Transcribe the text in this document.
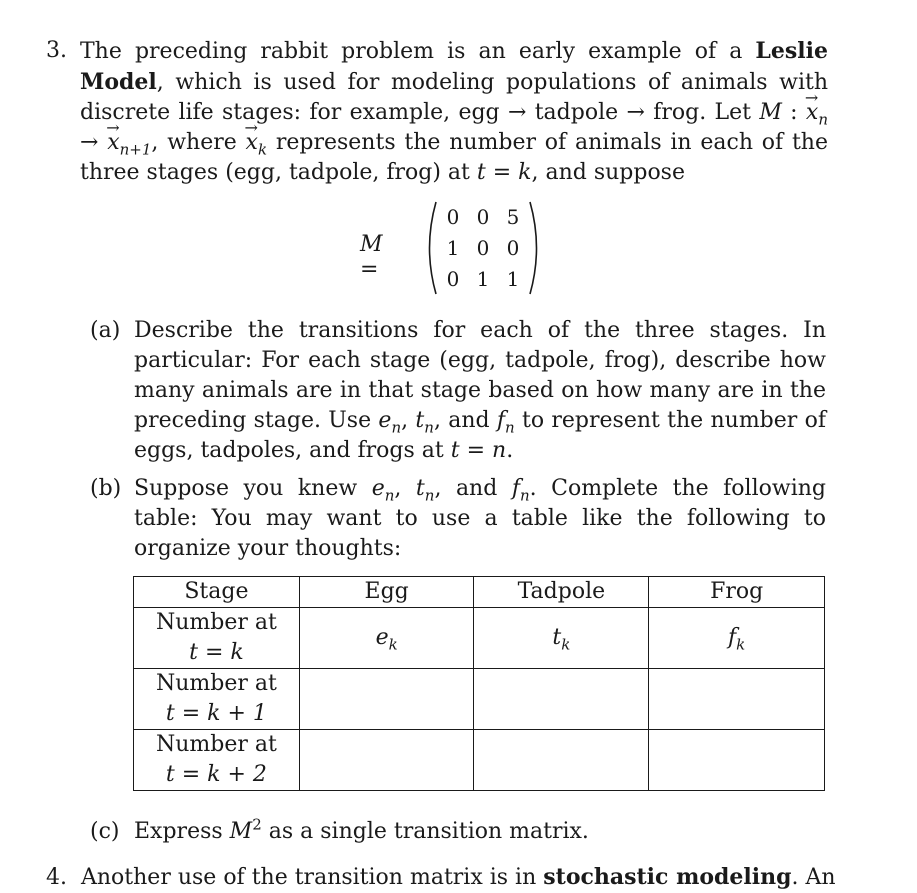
3. The preceding rabbit problem is an early example of a Leslie Model, which is used for modeling populations of animals with discrete life stages: for example, egg → tadpole → frog. Let M : → $x_n$ → → $x_{n+1}$, where → $x_k$ represents the number of animals in each of the three stages (egg, tadpole, frog) at t = k, and suppose
M =
0 0 5
1 0 0
0 1 1
(a) Describe the transitions for each of the three stages. In particular: For each stage (egg, tadpole, frog), describe how many animals are in that stage based on how many are in the preceding stage. Use $e_n$, $t_n$, and $f_n$ to represent the number of eggs, tadpoles, and frogs at t = n.
(b) Suppose you knew $e_n$, $t_n$, and $f_n$. Complete the following table: You may want to use a table like the following to organize your thoughts:
Stage	Egg	Tadpole	Frog

Number at
t = k	$e_k$	$t_k$	$f_k$

Number at
t = k + 1			

Number at
t = k + 2			

(c) Express $M^2$ as a single transition matrix.
4. Another use of the transition matrix is in stochastic modeling. An
